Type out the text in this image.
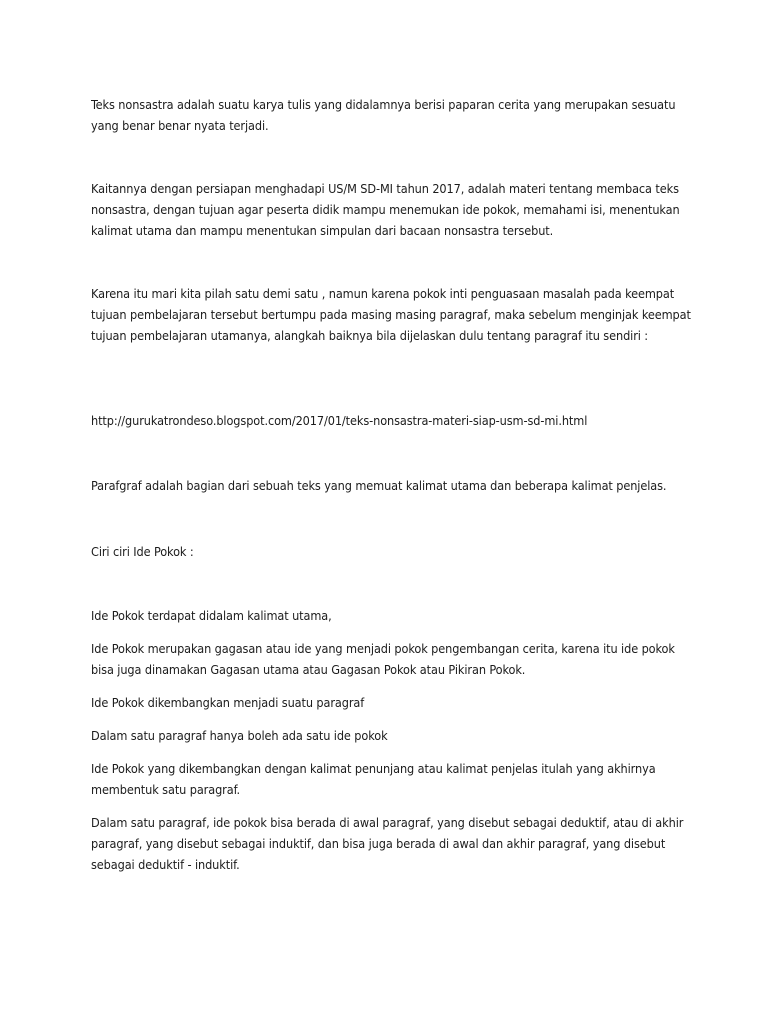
Teks nonsastra adalah suatu karya tulis yang didalamnya berisi paparan cerita yang merupakan sesuatu yang benar benar nyata terjadi.

Kaitannya dengan persiapan menghadapi US/M SD-MI tahun 2017, adalah materi tentang membaca teks nonsastra, dengan tujuan agar peserta didik mampu menemukan ide pokok, memahami isi, menentukan kalimat utama dan mampu menentukan simpulan dari bacaan nonsastra tersebut.

Karena itu mari kita pilah satu demi satu , namun karena pokok inti penguasaan masalah pada keempat tujuan pembelajaran tersebut bertumpu pada masing masing paragraf, maka sebelum menginjak keempat tujuan pembelajaran utamanya, alangkah baiknya bila dijelaskan dulu tentang paragraf itu sendiri :

http://gurukatrondeso.blogspot.com/2017/01/teks-nonsastra-materi-siap-usm-sd-mi.html

Parafgraf adalah bagian dari sebuah teks yang memuat kalimat utama dan beberapa kalimat penjelas.

Ciri ciri Ide Pokok :

Ide Pokok terdapat didalam kalimat utama,

Ide Pokok merupakan gagasan atau ide yang menjadi pokok pengembangan cerita, karena itu ide pokok bisa juga dinamakan Gagasan utama atau Gagasan Pokok atau Pikiran Pokok.

Ide Pokok dikembangkan menjadi suatu paragraf

Dalam satu paragraf hanya boleh ada satu ide pokok

Ide Pokok yang dikembangkan dengan kalimat penunjang atau kalimat penjelas itulah yang akhirnya membentuk satu paragraf.

Dalam satu paragraf, ide pokok bisa berada di awal paragraf, yang disebut sebagai deduktif, atau di akhir paragraf, yang disebut sebagai induktif, dan bisa juga berada di awal dan akhir paragraf, yang disebut sebagai deduktif - induktif.
